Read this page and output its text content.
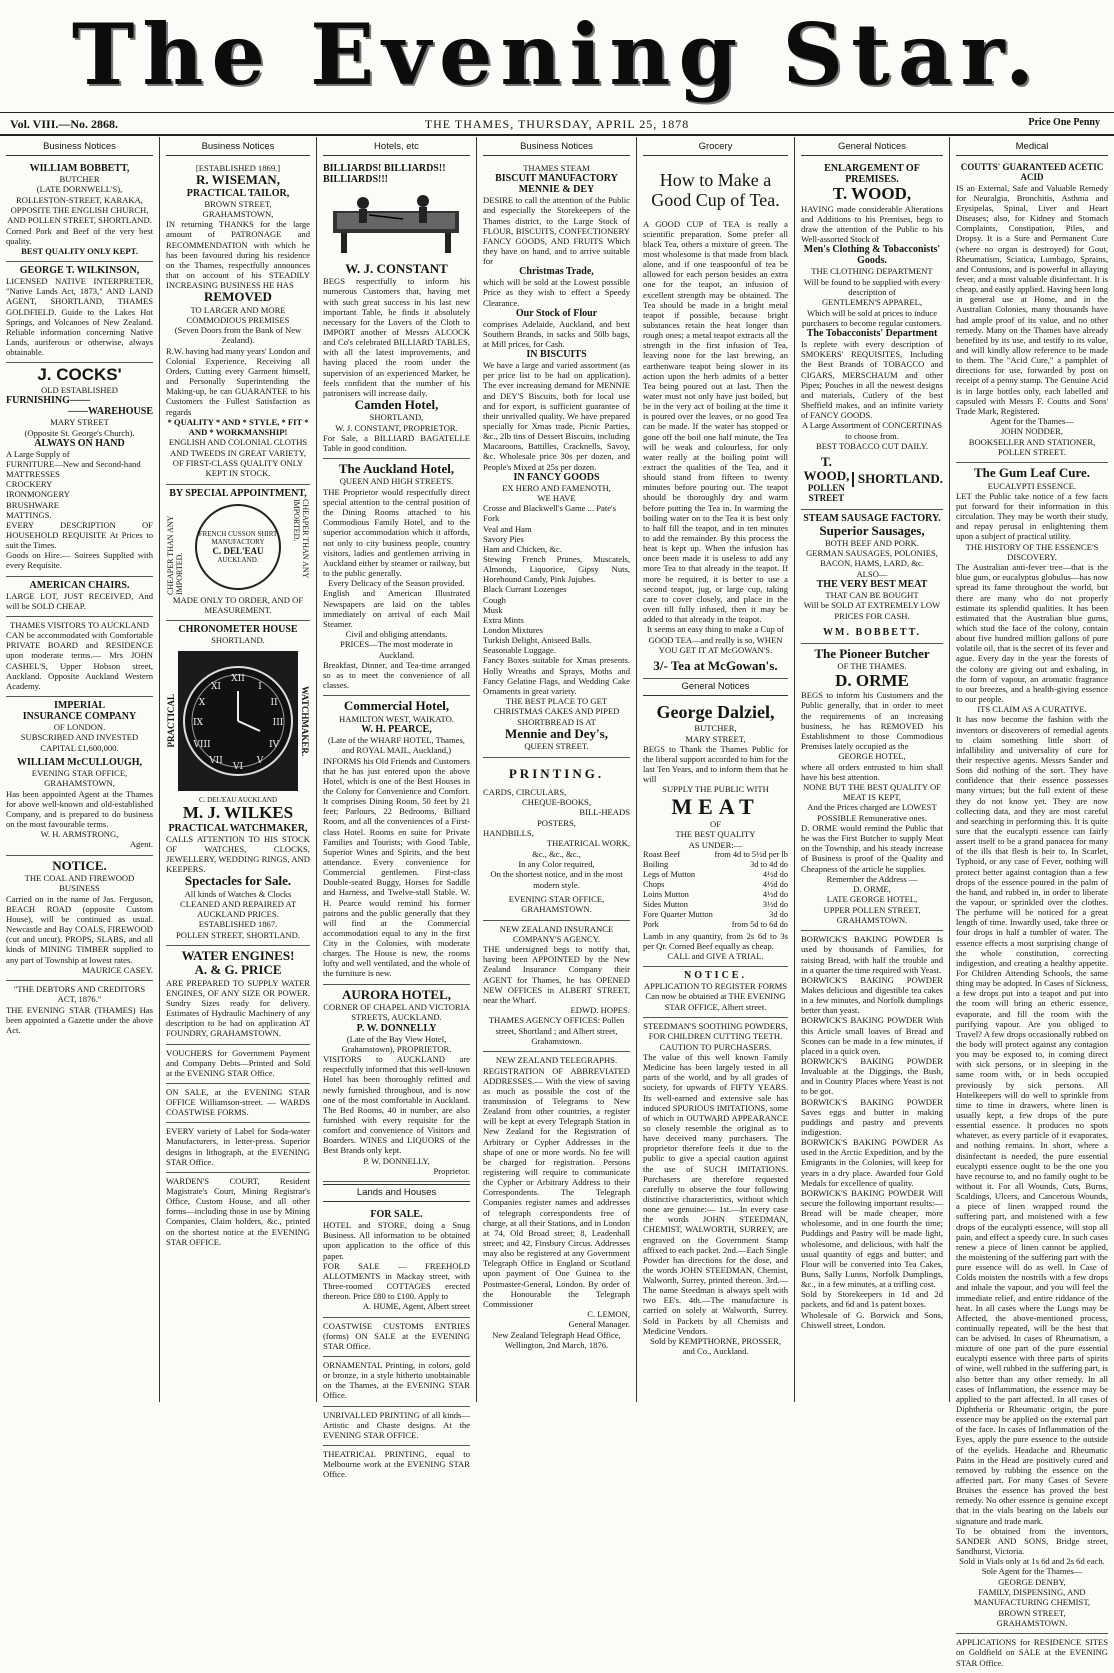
The Evening Star.
Vol. VIII.—No. 2868.	THE THAMES, THURSDAY, APRIL 25, 1878	Price One Penny
Business Notices
WILLIAM BOBBETT,
BUTCHER
(LATE DORNWELL'S),
ROLLESTON-STREET, KARAKA, OPPOSITE THE ENGLISH CHURCH, AND POLLEN STREET, SHORTLAND.
Corned Pork and Beef of the very best quality.
BEST QUALITY ONLY KEPT.
GEORGE T. WILKINSON,
LICENSED NATIVE INTERPRETER, "Native Lands Act, 1873," AND LAND AGENT, SHORTLAND, THAMES GOLDFIELD. Guide to the Lakes Hot Springs, and Volcanoes of New Zealand. Reliable information concerning Native Lands, auriferous or otherwise, always obtainable.
J. COCKS'
OLD ESTABLISHED
FURNISHING——
——WAREHOUSE
MARY STREET
(Opposite St. George's Church).
ALWAYS ON HAND
A Large Supply of
FURNITURE—New and Second-hand
MATTRESSES
CROCKERY
IRONMONGERY
BRUSHWARE
MATTINGS.
EVERY DESCRIPTION OF HOUSEHOLD REQUISITE At Prices to suit the Times.
Goods on Hire.— Soirees Supplied with every Requisite.
AMERICAN CHAIRS.
LARGE LOT, JUST RECEIVED, And will be SOLD CHEAP.
THAMES VISITORS TO AUCKLAND
CAN be accommodated with Comfortable PRIVATE BOARD and RESIDENCE upon moderate terms.— Mrs JOHN CASHEL'S, Upper Hobson street, Auckland. Opposite Auckland Western Academy.
IMPERIAL
INSURANCE COMPANY
OF LONDON.
SUBSCRIBED AND INVESTED CAPITAL £1,600,000.
WILLIAM McCULLOUGH,
EVENING STAR OFFICE, GRAHAMSTOWN,
Has been appointed Agent at the Thames for above well-known and old-established Company, and is prepared to do business on the most favourable terms.
W. H. ARMSTRONG,
Agent.
NOTICE.
THE COAL AND FIREWOOD BUSINESS
Carried on in the name of Jas. Ferguson, BEACH ROAD (opposite Custom House), will be continued as usual. Newcastle and Bay COALS, FIREWOOD (cut and uncut), PROPS, SLABS, and all kinds of MINING TIMBER supplied to any part of Township at lowest rates.
MAURICE CASEY.
"THE DEBTORS AND CREDITORS ACT, 1876."
THE EVENING STAR (THAMES) Has been appointed a Gazette under the above Act.
Business Notices
[ESTABLISHED 1869.]
R. WISEMAN,
PRACTICAL TAILOR,
BROWN STREET,
GRAHAMSTOWN,
IN returning THANKS for the large amount of PATRONAGE and RECOMMENDATION with which he has been favoured during his residence on the Thames, respectfully announces that on account of his STEADILY INCREASING BUSINESS HE HAS
REMOVED
TO LARGER AND MORE COMMODIOUS PREMISES
(Seven Doors from the Bank of New Zealand).
R.W. having had many years' London and Colonial Experience, Receiving all Orders, Cutting every Garment himself, and Personally Superintending the Making-up, he can GUARANTEE to his Customers the Fullest Satisfaction as regards
* QUALITY * AND * STYLE, * FIT * AND * WORKMANSHIP!
ENGLISH AND COLONIAL CLOTHS AND TWEEDS IN GREAT VARIETY, OF FIRST-CLASS QUALITY ONLY KEPT IN STOCK.
BY SPECIAL APPOINTMENT,
CHEAPER THAN ANY IMPORTED.
FRENCH CUSSON SHIRT MANUFACTORY
C. DEL'EAU
AUCKLAND.	CHEAPER THAN ANY IMPORTED.
MADE ONLY TO ORDER, AND OF MEASUREMENT.
CHRONOMETER HOUSE
SHORTLAND.
PRACTICAL
XII
III
VI
IX
I
II
IV
V
VII
VIII
X
XI	WATCHMAKER.
C. DEL'EAU AUCKLAND
M. J. WILKES
PRACTICAL WATCHMAKER,
CALLS ATTENTION TO HIS STOCK OF WATCHES, CLOCKS, JEWELLERY, WEDDING RINGS, AND KEEPERS.
Spectacles for Sale.
All kinds of Watches & Clocks CLEANED AND REPAIRED AT AUCKLAND PRICES.
ESTABLISHED 1867.
POLLEN STREET, SHORTLAND.
WATER ENGINES!
A. & G. PRICE
ARE PREPARED TO SUPPLY WATER ENGINES, OF ANY SIZE OR POWER. Sundry Sizes ready for delivery. Estimates of Hydraulic Machinery of any description to be had on application AT FOUNDRY, GRAHAMSTOWN.
VOUCHERS for Government Payment and Company Debts—Printed and Sold at the EVENING STAR Office.
ON SALE, at the EVENING STAR OFFICE Williamson-street. — WARDS COASTWISE FORMS.
EVERY variety of Label for Soda-water Manufacturers, in letter-press. Superior designs in lithograph, at the EVENING STAR Office.
WARDEN'S COURT, Resident Magistrate's Court, Mining Registrar's Office, Custom House, and all other forms—including those in use by Mining Companies, Claim holders, &c., printed on the shortest notice at the EVENING STAR OFFICE.
Hotels, etc
BILLIARDS! BILLIARDS!! BILLIARDS!!!
W. J. CONSTANT
BEGS respectfully to inform his numerous Customers that, having met with such great success in his last new important Table, he finds it absolutely necessary for the Lovers of the Cloth to IMPORT another of Messrs ALCOCK and Co's celebrated BILLIARD TABLES, with all the latest improvements, and having placed the room under the supervision of an experienced Marker, he feels confident that the number of his patronisers will increase daily.
Camden Hotel,
SHORTLAND,
W. J. CONSTANT, PROPRIETOR.
For Sale, a BILLIARD BAGATELLE Table in good condition.
The Auckland Hotel,
QUEEN AND HIGH STREETS.
THE Proprietor would respectfully direct special attention to the central position of the Dining Rooms attached to his Commodious Family Hotel, and to the superior accommodation which it affords, not only to city business people, country visitors, ladies and gentlemen arriving in Auckland either by steamer or railway, but to the public generally.
Every Delicacy of the Season provided.
English and American Illustrated Newspapers are laid on the tables immediately on arrival of each Mail Steamer.
Civil and obliging attendants.
PRICES—The most moderate in Auckland.
Breakfast, Dinner, and Tea-time arranged so as to meet the convenience of all classes.
Commercial Hotel,
HAMILTON WEST, WAIKATO.
W. H. PEARCE,
(Late of the WHARF HOTEL, Thames, and ROYAL MAIL, Auckland,)
INFORMS his Old Friends and Customers that he has just entered upon the above Hotel, which is one of the Best Houses in the Colony for Convenience and Comfort. It comprises Dining Room, 50 feet by 21 feet; Parlours, 22 Bedrooms, Billiard Room, and all the conveniences of a First-class Hotel. Rooms en suite for Private Families and Tourists; with Good Table, Superior Wines and Spirits, and the best attendance. Every convenience for Commercial gentlemen. First-class Double-seated Buggy, Horses for Saddle and Harness, and Twelve-stall Stable. W. H. Pearce would remind his former patrons and the public generally that they will find at the Commercial accommodation equal to any in the first City in the Colonies, with moderate charges. The House is new, the rooms lofty and well ventilated, and the whole of the furniture is new.
AURORA HOTEL,
CORNER OF CHAPEL AND VICTORIA STREETS, AUCKLAND.
P. W. DONNELLY
(Late of the Bay View Hotel, Grahamstown), PROPRIETOR.
VISITORS to AUCKLAND are respectfully informed that this well-known Hotel has been thoroughly refitted and newly furnished throughout, and is now one of the most comfortable in Auckland. The Bed Rooms, 40 in number, are also furnished with every requisite for the comfort and convenience of Visitors and Boarders. WINES and LIQUORS of the Best Brands only kept.
P. W. DONNELLY,
Proprietor.
Lands and Houses
FOR SALE.
HOTEL and STORE, doing a Snug Business. All information to be obtained upon application to the office of this paper.
FOR SALE — FREEHOLD ALLOTMENTS in Mackay street, with Three-roomed COTTAGES erected thereon. Price £80 to £100. Apply to
A. HUME, Agent, Albert street
COASTWISE CUSTOMS ENTRIES (forms) ON SALE at the EVENING STAR Office.
ORNAMENTAL Printing, in colors, gold or bronze, in a style hitherto unobtainable on the Thames, at the EVENING STAR Office.
UNRIVALLED PRINTING of all kinds—Artistic and Chaste designs. At the EVENING STAR OFFICE.
THEATRICAL PRINTING, equal to Melbourne work at the EVENING STAR Office.
Business Notices
THAMES STEAM
BISCUIT MANUFACTORY
MENNIE & DEY
DESIRE to call the attention of the Public and especially the Storekeepers of the Thames district, to the Large Stock of FLOUR, BISCUITS, CONFECTIONERY FANCY GOODS, AND FRUITS Which they have on hand, and to arrive suitable for
Christmas Trade,
which will be sold at the Lowest possible Price as they wish to effect a Speedy Clearance.
Our Stock of Flour
comprises Adelaide, Auckland, and best Southern Brands, in sacks and 50lb bags, at Mill prices, for Cash.
IN BISCUITS
We have a large and varied assortment (as per price list to be had on application). The ever increasing demand for MENNIE and DEY'S Biscuits, both for local use and for export, is sufficient guarantee of their unrivalled quality. We have prepared specially for Xmas trade, Picnic Parties, &c., 2lb tins of Dessert Biscuits, including Macaroons, Battilles, Cracknells, Savoy, &c. Wholesale price 30s per dozen, and People's Mixed at 25s per dozen.
IN FANCY GOODS
EX HERO AND FAMENOTH,
WE HAVE
Crosse and Blackwell's Game ... Pate's
Fork
Veal and Ham
Savory Pies
Ham and Chicken, &c.
Stewing French Prunes, Muscatels, Almonds, Liquorice, Gipsy Nuts, Horehound Candy, Pink Jujubes.
Black Currant Lozenges
Cough
Musk
Extra Mints
London Mixtures
Turkish Delight, Aniseed Balls.
Seasonable Luggage.
Fancy Boxes suitable for Xmas presents. Holly Wreaths and Sprays, Moths and Fancy Gelatine Flags, and Wedding Cake Ornaments in great variety.
THE BEST PLACE TO GET CHRISTMAS CAKES AND PIPED SHORTBREAD IS AT
Mennie and Dey's,
QUEEN STREET.
PRINTING.
CARDS, CIRCULARS,
CHEQUE-BOOKS,
BILL-HEADS
POSTERS,
HANDBILLS,
THEATRICAL WORK,
&c., &c., &c.,
In any Color required,
On the shortest notice, and in the most modern style.
EVENING STAR OFFICE, GRAHAMSTOWN.
NEW ZEALAND INSURANCE COMPANY'S AGENCY.
THE undersigned begs to notify that, having been APPOINTED by the New Zealand Insurance Company their AGENT for Thames, he has OPENED NEW OFFICES in ALBERT STREET, near the Wharf.
EDWD. HOPES.
THAMES AGENCY OFFICES: Pollen street, Shortland ; and Albert street, Grahamstown.
NEW ZEALAND TELEGRAPHS.
REGISTRATION OF ABBREVIATED ADDRESSES.— With the view of saving as much as possible the cost of the transmission of Telegrams to New Zealand from other countries, a register will be kept at every Telegraph Station in New Zealand for the Registration of Arbitrary or Cypher Addresses in the shape of one or more words. No fee will be charged for registration. Persons registering will require to communicate the Cypher or Arbitrary Address to their Correspondents. The Telegraph Companies register names and addresses of telegraph correspondents free of charge, at all their Stations, and in London at 74, Old Broad street; 8, Leadenhall street; and 42, Finsbury Circus. Addresses may also be registered at any Government Telegraph Office in England or Scotland upon payment of One Guinea to the Postmaster-General, London. By order of the Honourable the Telegraph Commissioner
C. LEMON,
General Manager.
New Zealand Telegraph Head Office, Wellington, 2nd March, 1876.
Grocery
How to Make a Good Cup of Tea.
A GOOD CUP of TEA is really a scientific preparation. Some prefer all black Tea, others a mixture of green. The most wholesome is that made from black alone, and if one teaspoonful of tea be allowed for each person besides an extra one for the teapot, an infusion of excellent strength may be obtained. The Tea should be made in a bright metal teapot if possible, because bright substances retain the heat longer than rough ones; a metal teapot extracts all the strength in the first infusion of Tea, leaving none for the last brewing, an earthenware teapot being slower in its action upon the herb admits of a better Tea being poured out at last. Then the water must not only have just boiled, but be in the very act of boiling at the time it is poured over the leaves, or no good Tea can be made. If the water has stopped or gone off the boil one half minute, the Tea will be weak and colourless, for only water really at the boiling point will extract the qualities of the Tea, and it should stand from fifteen to twenty minutes before pouring out. The teapot should be thoroughly dry and warm before putting the Tea in. In warming the boiling water on to the Tea it is best only to half fill the teapot, and in ten minutes to add the remainder. By this process the heat is kept up. When the infusion has once been made it is useless to add any more Tea to that already in the teapot. If more be required, it is better to use a second teapot, jug, or large cup, taking care to cover closely, and place in the oven till fully infused, then it may be added to that already in the teapot.
It seems an easy thing to make a Cup of GOOD TEA—and really is so, WHEN YOU GET IT AT McGOWAN'S.
3/- Tea at McGowan's.
General Notices
George Dalziel,
BUTCHER,
MARY STREET,
BEGS to Thank the Thames Public for the liberal support accorded to him for the last Ten Years, and to inform them that he will
SUPPLY THE PUBLIC WITH
MEAT
OF
THE BEST QUALITY
AS UNDER:—
Roast Beef	from 4d to 5½d per lb
Boiling	3d to 4d do
Legs of Mutton	4½d do
Chops	4½d do
Loins Mutton	4½d do
Sides Mutton	3½d do
Fore Quarter Mutton	3d do
Pork	from 5d to 6d do
Lamb in any quantity, from 2s 6d to 3s per Qr. Corned Beef equally as cheap.
CALL and GIVE A TRIAL.
NOTICE.
APPLICATION TO REGISTER FORMS Can now be obtained at THE EVENING STAR OFFICE, Albert street.
STEEDMAN'S SOOTHING POWDERS, FOR CHILDREN CUTTING TEETH.
CAUTION TO PURCHASERS.
The value of this well known Family Medicine has been largely tested in all parts of the world, and by all grades of society, for upwards of FIFTY YEARS. Its well-earned and extensive sale has induced SPURIOUS IMITATIONS, some of which in OUTWARD APPEARANCE so closely resemble the original as to have deceived many purchasers. The proprietor therefore feels it due to the public to give a special caution against the use of SUCH IMITATIONS. Purchasers are therefore requested carefully to observe the four following distinctive characteristics, without which none are genuine:— 1st.—In every case the words JOHN STEEDMAN, CHEMIST, WALWORTH, SURREY, are engraved on the Government Stamp affixed to each packet. 2nd.—Each Single Powder has directions for the dose, and the words JOHN STEEDMAN, Chemist, Walworth, Surrey, printed thereon. 3rd.—The name Steedman is always spelt with two EE's. 4th.—The manufacture is carried on solely at Walworth, Surrey. Sold in Packets by all Chemists and Medicine Vendors.
Sold by KEMPTHORNE, PROSSER, and Co., Auckland.
General Notices
ENLARGEMENT OF PREMISES.
T. WOOD,
HAVING made considerable Alterations and Additions to his Premises, begs to draw the attention of the Public to his Well-assorted Stock of
Men's Clothing & Tobacconists' Goods.
THE CLOTHING DEPARTMENT
Will be found to be supplied with every description of
GENTLEMEN'S APPAREL,
Which will be sold at prices to induce purchasers to become regular customers.
The Tobacconists' Department
Is replete with every description of SMOKERS' REQUISITES, Including the Best Brands of TOBACCO and CIGARS, MERSCHAUM and other Pipes; Pouches in all the newest designs and materials, Cutlery of the best Sheffield makes, and an infinite variety of FANCY GOODS.
A Large Assortment of CONCERTINAS to choose from.
BEST TOBACCO CUT DAILY.
T. WOOD,
POLLEN STREET
SHORTLAND.
STEAM SAUSAGE FACTORY.
Superior Sausages,
BOTH BEEF AND PORK.
GERMAN SAUSAGES, POLONIES,
BACON, HAMS, LARD, &c.
ALSO—
THE VERY BEST MEAT
THAT CAN BE BOUGHT
Will be SOLD AT EXTREMELY LOW PRICES FOR CASH.
WM. BOBBETT.
The Pioneer Butcher
OF THE THAMES.
D. ORME
BEGS to inform his Customers and the Public generally, that in order to meet the requirements of an increasing business, he has REMOVED his Establishment to those Commodious Premises lately occupied as the
GEORGE HOTEL,
where all orders entrusted to him shall have his best attention.
NONE BUT THE BEST QUALITY OF MEAT IS KEPT,
And the Prices charged are LOWEST POSSIBLE Remunerative ones.
D. ORME would remind the Public that he was the First Butcher to supply Meat on the Township, and his steady increase of Business is proof of the Quality and Cheapness of the article he supplies.
Remember the Address —
D. ORME,
LATE GEORGE HOTEL,
UPPER POLLEN STREET, GRAHAMSTOWN.
BORWICK'S BAKING POWDER Is used by thousands of Families, for raising Bread, with half the trouble and in a quarter the time required with Yeast.
BORWICK'S BAKING POWDER Makes delicious and digestible tea cakes in a few minutes, and Norfolk dumplings better than yeast.
BORWICK'S BAKING POWDER With this Article small loaves of Bread and Scones can be made in a few minutes, if placed in a quick oven.
BORWICK'S BAKING POWDER Invaluable at the Diggings, the Bush, and in Country Places where Yeast is not to be got.
BORWICK'S BAKING POWDER Saves eggs and butter in making puddings and pastry and prevents indigestion.
BORWICK'S BAKING POWDER As used in the Arctic Expedition, and by the Emigrants in the Colonies, will keep for years in a dry place. Awarded four Gold Medals for excellence of quality.
BORWICK'S BAKING POWDER Will secure the following important results:—Bread will be made cheaper, more wholesome, and in one fourth the time; Puddings and Pastry will be made light, wholesome, and delicious, with half the usual quantity of eggs and butter; and Flour will be converted into Tea Cakes, Buns, Sally Lunns, Norfolk Dumplings, &c., in a few minutes, at a trifling cost.
Sold by Storekeepers in 1d and 2d packets, and 6d and 1s patent boxes.
Wholesale of G. Borwick and Sons, Chiswell street, London.
Medical
COUTTS' GUARANTEED ACETIC ACID
IS an External, Safe and Valuable Remedy for Neuralgia, Bronchitis, Asthma and Erysipelas, Spinal, Liver and Heart Diseases; also, for Kidney and Stomach Complaints, Constipation, Piles, and Dropsy. It is a Sure and Permanent Cure (where no organ is destroyed) for Gout, Rheumatism, Sciatica, Lumbago, Sprains, and Contusions, and is powerful in allaying fever, and a most valuable disinfectant. It is cheap, and easily applied. Having been long in general use at Home, and in the Australian Colonies, many thousands have had ample proof of its value, and no other remedy. Many on the Thames have already benefited by its use, and testify to its value, and will kindly allow reference to be made to them. The "Acid Cure," a pamphlet of directions for use, forwarded by post on receipt of a penny stamp. The Genuine Acid is in large bottles only, each labelled and capsuled with Messrs F. Coutts and Sons' Trade Mark, Registered.
Agent for the Thames—
JOHN NODDER,
BOOKSELLER AND STATIONER,
POLLEN STREET.
The Gum Leaf Cure.
EUCALYPTI ESSENCE.
LET the Public take notice of a few facts put forward for their information in this circulation. They may be worth their study, and repay perusal in enlightening them upon a subject of practical utility.
THE HISTORY OF THE ESSENCE'S DISCOVERY.
The Australian anti-fever tree—that is the blue gum, or eucalyptus globulus—has now spread its fame throughout the world, but there are many who do not properly estimate its splendid qualities. It has been estimated that the Australian blue gums, which stud the face of the colony, contain about five hundred million gallons of pure volatile oil, that is the secret of its fever and ague. Every day in the year the forests of the colony are giving out and exhaling, in the form of vapour, an aromatic fragrance to our breezes, and a health-giving essence to our people.
ITS CLAIM AS A CURATIVE.
It has now become the fashion with the inventors or discoverers of remedial agents to claim something little short of infallibility and universality of cure for their respective agents. Messrs Sander and Sons did nothing of the sort. They have confidence that their essence possesses many virtues; but the full extent of these they do not know yet. They are now collecting data, and they are most careful and searching in performing this. It is quite sure that the eucalypti essence can fairly assert itself to be a grand panacea for many of the ills that flesh is heir to. In Scarlet, Typhoid, or any case of Fever, nothing will protect better against contagion than a few drops of the essence poured in the palm of the hand, and rubbed in, in order to liberate the vapour, or sprinkled over the clothes. The perfume will be noticed for a great length of time. Inwardly used, take three or four drops in half a tumbler of water. The essence effects a most surprising change of the whole constitution, correcting indigestion, and creating a healthy appetite. For Children Attending Schools, the same thing may be adopted. In Cases of Sickness, a few drops put into a teapot and put into the room will bring an etheric essence, evaporate, and fill the room with the purifying vapour. Are you obliged to Travel? A few drops occasionally rubbed on the body will protect against any contagion you may be exposed to, in coming direct with sick persons, or in sleeping in the same room with, or in beds occupied previously by sick persons. All Hotelkeepers will do well to sprinkle from time to time in drawers, where linen is usually kept, a few drops of the pure essential essence. It produces no spots whatever, as every particle of it evaporates, and nothing remains. In short, where a disinfectant is needed, the pure essential eucalypti essence ought to be the one you have recourse to, and no family ought to be without it. For all Wounds, Cuts, Burns, Scaldings, Ulcers, and Cancerous Wounds, a piece of linen wrapped round the suffering part, and moistened with a few drops of the eucalypti essence, will stop all pain, and effect a speedy cure. In such cases renew a piece of linen cannot be applied, the moistening of the suffering part with the pure essence will do as well. In Case of Colds moisten the nostrils with a few drops and inhale the vapour, and you will feel the immediate relief, and entire riddance of the heat. In all cases where the Lungs may be Affected, the above-mentioned process, continually repeated, will be the best that can be advised. In cases of Rheumatism, a mixture of one part of the pure essential eucalypti essence with three parts of spirits of wine, well rubbed in the suffering part, is also better than any other remedy. In all cases of Inflammation, the essence may be applied to the part affected. In all cases of Diphtheria or Rheumatic origin, the pure essence may be applied on the external part of the face. In cases of Inflammation of the Eyes, apply the pure essence to the outside of the eyelids. Headache and Rheumatic Pains in the Head are positively cured and removed by rubbing the essence on the affected part. For many Cases of Severe Bruises the essence has proved the best remedy. No other essence is genuine except that in the vials bearing on the labels our signature and trade mark.
To be obtained from the inventors, SANDER AND SONS, Bridge street, Sandhurst, Victoria.
Sold in Vials only at 1s 6d and 2s 6d each.
Sole Agent for the Thames—
GEORGE DENBY,
FAMILY, DISPENSING, AND MANUFACTURING CHEMIST,
BROWN STREET,
GRAHAMSTOWN.
APPLICATIONS for RESIDENCE SITES on Goldfield on SALE at the EVENING STAR Office.
